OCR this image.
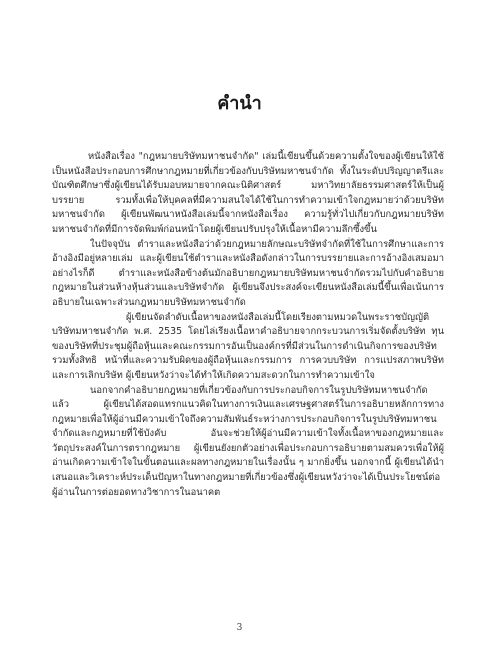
คำนำ

หนังสือเรื่อง "กฎหมายบริษัทมหาชนจำกัด" เล่มนี้เขียนขึ้นด้วยความตั้งใจของผู้เขียนให้ใช้เป็นหนังสือประกอบการศึกษากฎหมายที่เกี่ยวข้องกับบริษัทมหาชนจำกัด ทั้งในระดับปริญญาตรีและบัณฑิตศึกษาซึ่งผู้เขียนได้รับมอบหมายจากคณะนิติศาสตร์ มหาวิทยาลัยธรรมศาสตร์ให้เป็นผู้บรรยาย รวมทั้งเพื่อให้บุคคลที่มีความสนใจได้ใช้ในการทำความเข้าใจกฎหมายว่าด้วยบริษัทมหาชนจำกัด ผู้เขียนพัฒนาหนังสือเล่มนี้จากหนังสือเรื่อง ความรู้ทั่วไปเกี่ยวกับกฎหมายบริษัทมหาชนจำกัดที่มีการจัดพิมพ์ก่อนหน้าโดยผู้เขียนปรับปรุงให้เนื้อหามีความลึกซึ้งขึ้น

ในปัจจุบัน ตำราและหนังสือว่าด้วยกฎหมายลักษณะบริษัทจำกัดที่ใช้ในการศึกษาและการอ้างอิงมีอยู่หลายเล่ม และผู้เขียนใช้ตำราและหนังสือดังกล่าวในการบรรยายและการอ้างอิงเสมอมา อย่างไรก็ดี ตำราและหนังสือข้างต้นมักอธิบายกฎหมายบริษัทมหาชนจำกัดรวมไปกับคำอธิบายกฎหมายในส่วนห้างหุ้นส่วนและบริษัทจำกัด ผู้เขียนจึงประสงค์จะเขียนหนังสือเล่มนี้ขึ้นเพื่อเน้นการอธิบายในเฉพาะส่วนกฎหมายบริษัทมหาชนจำกัด

ผู้เขียนจัดลำดับเนื้อหาของหนังสือเล่มนี้โดยเรียงตามหมวดในพระราชบัญญัติบริษัทมหาชนจำกัด พ.ศ. 2535 โดยไล่เรียงเนื้อหาคำอธิบายจากกระบวนการเริ่มจัดตั้งบริษัท ทุนของบริษัทที่ประชุมผู้ถือหุ้นและคณะกรรมการอันเป็นองค์กรที่มีส่วนในการดำเนินกิจการของบริษัท รวมทั้งสิทธิ หน้าที่และความรับผิดของผู้ถือหุ้นและกรรมการ การควบบริษัท การแปรสภาพบริษัทและการเลิกบริษัท ผู้เขียนหวังว่าจะได้ทำให้เกิดความสะดวกในการทำความเข้าใจ

นอกจากคำอธิบายกฎหมายที่เกี่ยวข้องกับการประกอบกิจการในรูปบริษัทมหาชนจำกัดแล้ว ผู้เขียนได้สอดแทรกแนวคิดในทางการเงินและเศรษฐศาสตร์ในการอธิบายหลักการทางกฎหมายเพื่อให้ผู้อ่านมีความเข้าใจถึงความสัมพันธ์ระหว่างการประกอบกิจการในรูปบริษัทมหาชนจำกัดและกฎหมายที่ใช้บังคับ อันจะช่วยให้ผู้อ่านมีความเข้าใจทั้งเนื้อหาของกฎหมายและวัตถุประสงค์ในการตรากฎหมาย ผู้เขียนยังยกตัวอย่างเพื่อประกอบการอธิบายตามสมควรเพื่อให้ผู้อ่านเกิดความเข้าใจในขั้นตอนและผลทางกฎหมายในเรื่องนั้น ๆ มากยิ่งขึ้น นอกจากนี้ ผู้เขียนได้นำเสนอและวิเคราะห์ประเด็นปัญหาในทางกฎหมายที่เกี่ยวข้องซึ่งผู้เขียนหวังว่าจะได้เป็นประโยชน์ต่อผู้อ่านในการต่อยอดทางวิชาการในอนาคต

3
